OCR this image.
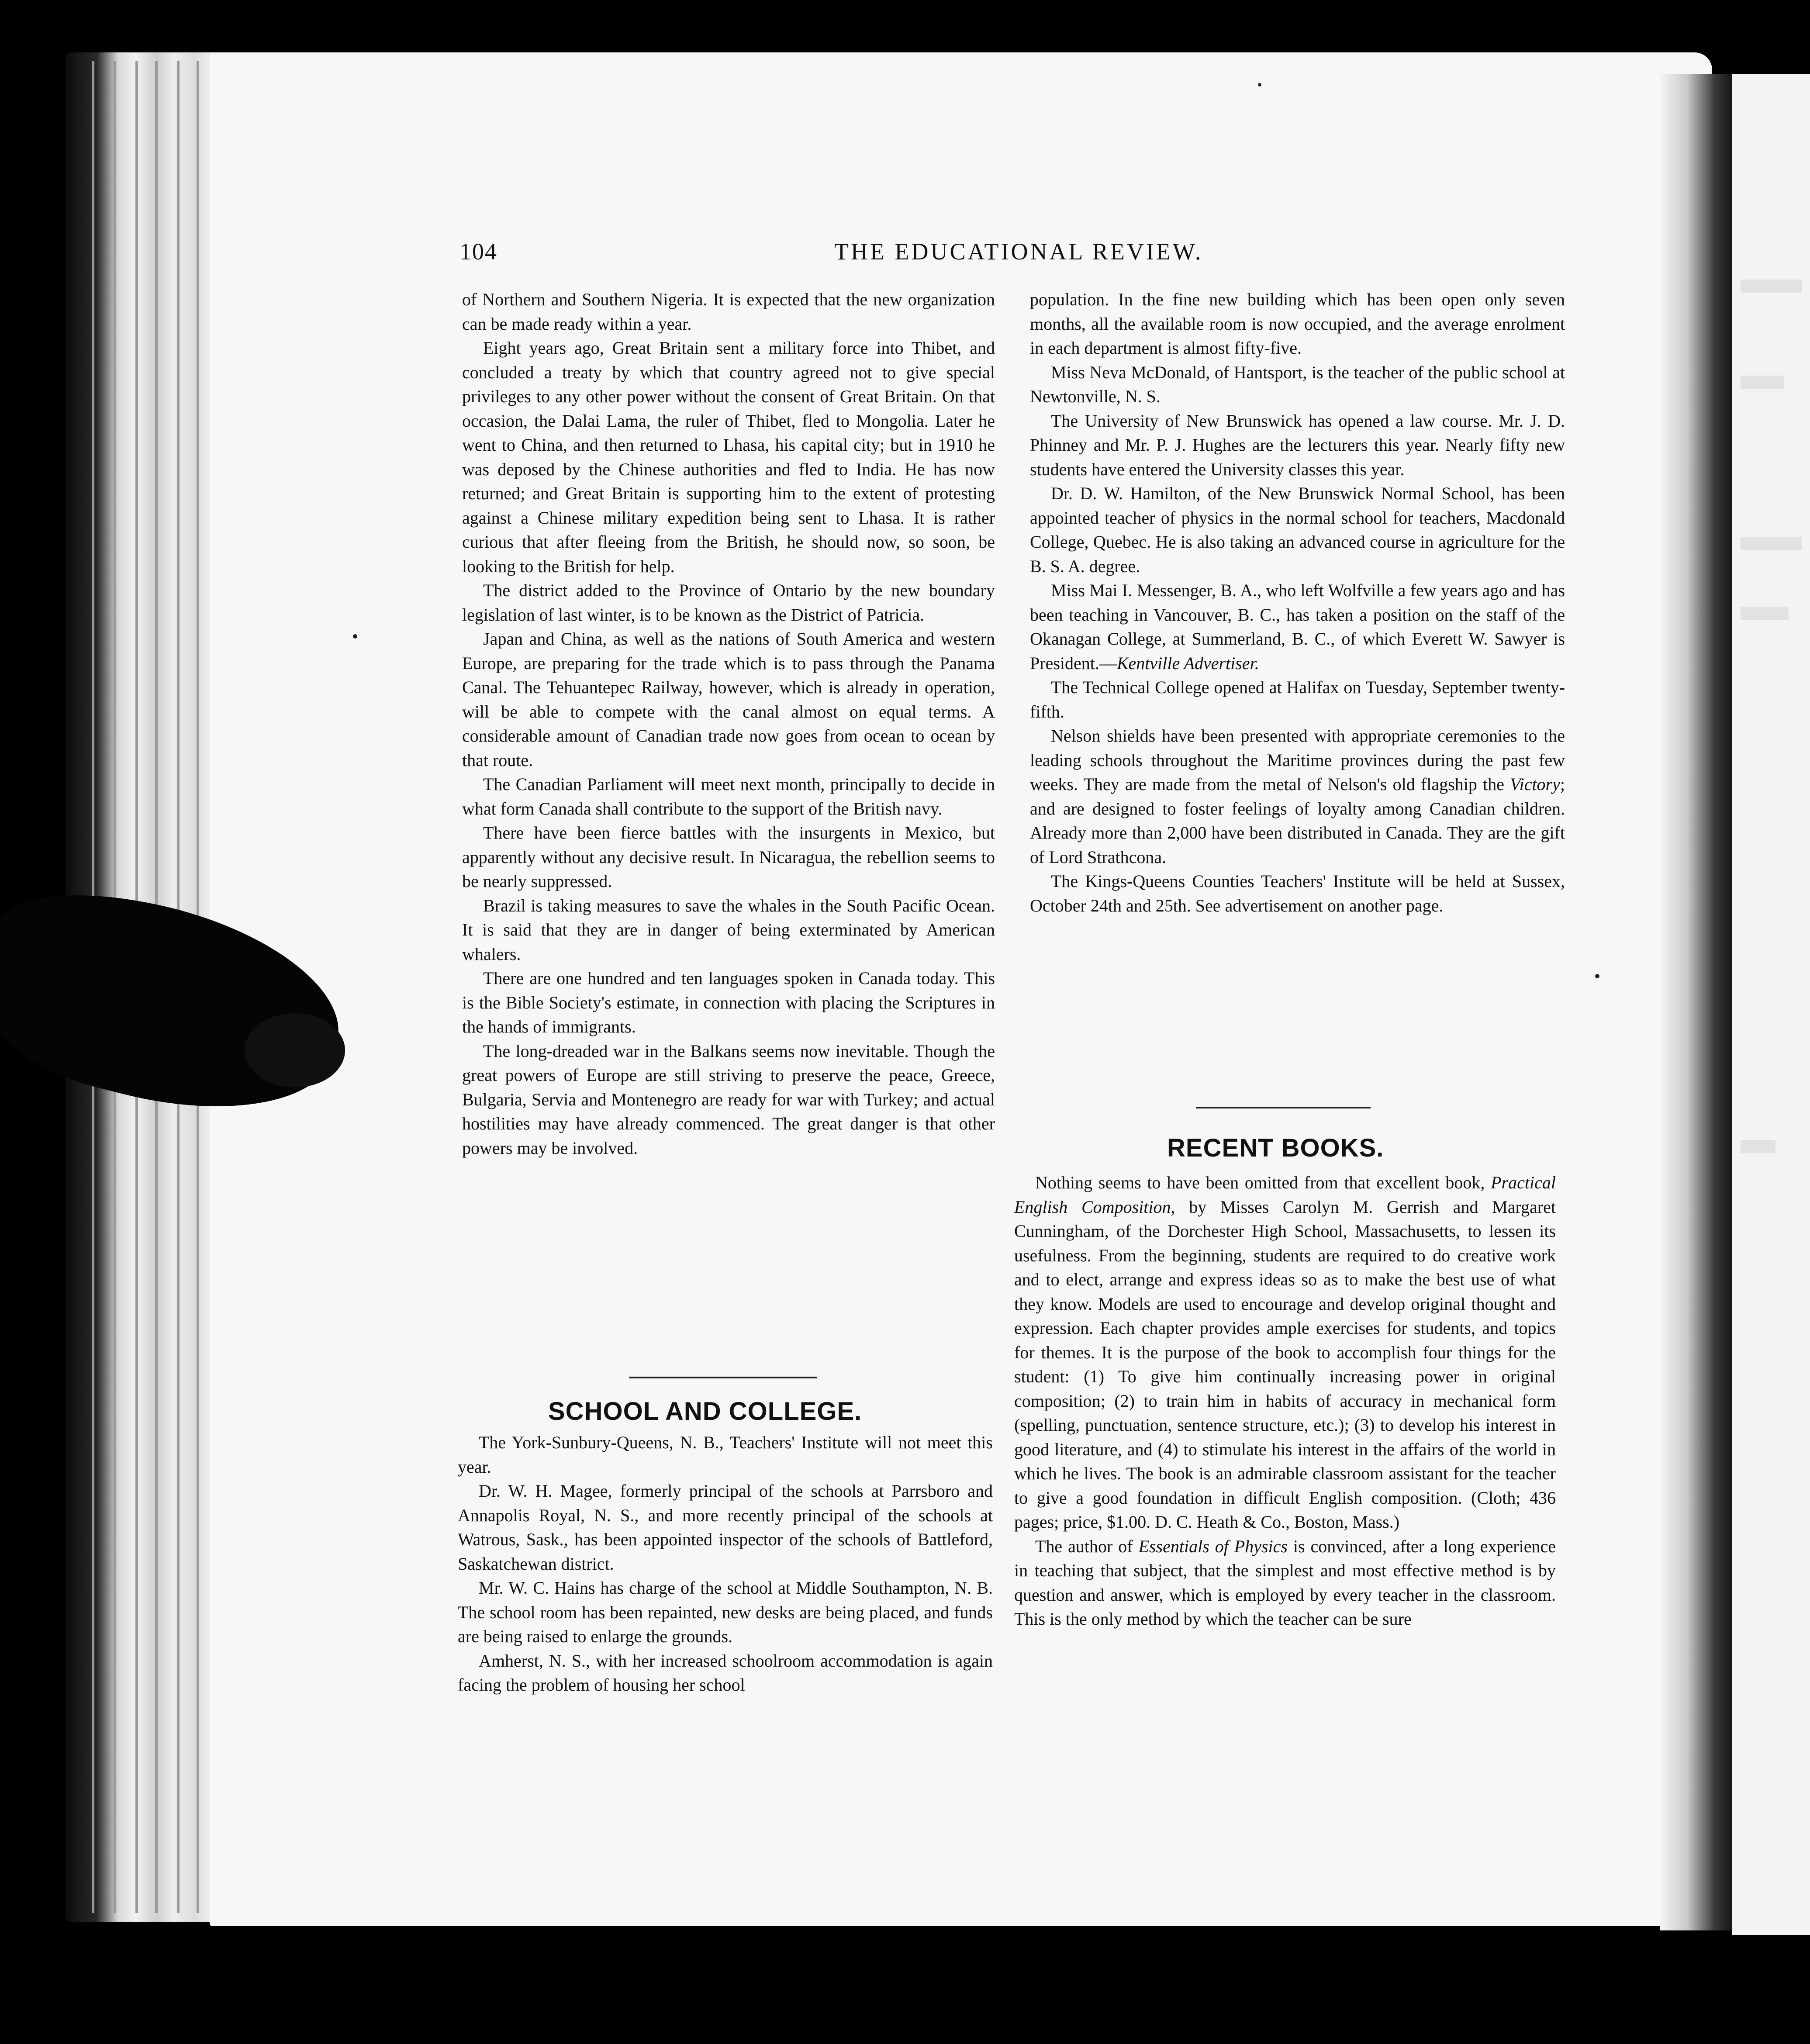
104	THE EDUCATIONAL REVIEW.

of Northern and Southern Nigeria. It is expected that the new organization can be made ready within a year.

Eight years ago, Great Britain sent a military force into Thibet, and concluded a treaty by which that country agreed not to give special privileges to any other power without the consent of Great Britain. On that occasion, the Dalai Lama, the ruler of Thibet, fled to Mongolia. Later he went to China, and then returned to Lhasa, his capital city; but in 1910 he was deposed by the Chinese authorities and fled to India. He has now returned; and Great Britain is supporting him to the extent of protesting against a Chinese military expedition being sent to Lhasa. It is rather curious that after fleeing from the British, he should now, so soon, be looking to the British for help.

The district added to the Province of Ontario by the new boundary legislation of last winter, is to be known as the District of Patricia.

Japan and China, as well as the nations of South America and western Europe, are preparing for the trade which is to pass through the Panama Canal. The Tehuantepec Railway, however, which is already in operation, will be able to compete with the canal almost on equal terms. A considerable amount of Canadian trade now goes from ocean to ocean by that route.

The Canadian Parliament will meet next month, principally to decide in what form Canada shall contribute to the support of the British navy.

There have been fierce battles with the insurgents in Mexico, but apparently without any decisive result. In Nicaragua, the rebellion seems to be nearly suppressed.

Brazil is taking measures to save the whales in the South Pacific Ocean. It is said that they are in danger of being exterminated by American whalers.

There are one hundred and ten languages spoken in Canada today. This is the Bible Society's estimate, in connection with placing the Scriptures in the hands of immigrants.

The long-dreaded war in the Balkans seems now inevitable. Though the great powers of Europe are still striving to preserve the peace, Greece, Bulgaria, Servia and Montenegro are ready for war with Turkey; and actual hostilities may have already commenced. The great danger is that other powers may be involved.

SCHOOL AND COLLEGE.

The York-Sunbury-Queens, N. B., Teachers' Institute will not meet this year.

Dr. W. H. Magee, formerly principal of the schools at Parrsboro and Annapolis Royal, N. S., and more recently principal of the schools at Watrous, Sask., has been appointed inspector of the schools of Battleford, Saskatchewan district.

Mr. W. C. Hains has charge of the school at Middle Southampton, N. B. The school room has been repainted, new desks are being placed, and funds are being raised to enlarge the grounds.

Amherst, N. S., with her increased schoolroom accommodation is again facing the problem of housing her school

population. In the fine new building which has been open only seven months, all the available room is now occupied, and the average enrolment in each department is almost fifty-five.

Miss Neva McDonald, of Hantsport, is the teacher of the public school at Newtonville, N. S.

The University of New Brunswick has opened a law course. Mr. J. D. Phinney and Mr. P. J. Hughes are the lecturers this year. Nearly fifty new students have entered the University classes this year.

Dr. D. W. Hamilton, of the New Brunswick Normal School, has been appointed teacher of physics in the normal school for teachers, Macdonald College, Quebec. He is also taking an advanced course in agriculture for the B. S. A. degree.

Miss Mai I. Messenger, B. A., who left Wolfville a few years ago and has been teaching in Vancouver, B. C., has taken a position on the staff of the Okanagan College, at Summerland, B. C., of which Everett W. Sawyer is President.—Kentville Advertiser.

The Technical College opened at Halifax on Tuesday, September twenty-fifth.

Nelson shields have been presented with appropriate ceremonies to the leading schools throughout the Maritime provinces during the past few weeks. They are made from the metal of Nelson's old flagship the Victory; and are designed to foster feelings of loyalty among Canadian children. Already more than 2,000 have been distributed in Canada. They are the gift of Lord Strathcona.

The Kings-Queens Counties Teachers' Institute will be held at Sussex, October 24th and 25th. See advertisement on another page.

RECENT BOOKS.

Nothing seems to have been omitted from that excellent book, Practical English Composition, by Misses Carolyn M. Gerrish and Margaret Cunningham, of the Dorchester High School, Massachusetts, to lessen its usefulness. From the beginning, students are required to do creative work and to elect, arrange and express ideas so as to make the best use of what they know. Models are used to encourage and develop original thought and expression. Each chapter provides ample exercises for students, and topics for themes. It is the purpose of the book to accomplish four things for the student: (1) To give him continually increasing power in original composition; (2) to train him in habits of accuracy in mechanical form (spelling, punctuation, sentence structure, etc.); (3) to develop his interest in good literature, and (4) to stimulate his interest in the affairs of the world in which he lives. The book is an admirable classroom assistant for the teacher to give a good foundation in difficult English composition. (Cloth; 436 pages; price, $1.00. D. C. Heath & Co., Boston, Mass.)

The author of Essentials of Physics is convinced, after a long experience in teaching that subject, that the simplest and most effective method is by question and answer, which is employed by every teacher in the classroom. This is the only method by which the teacher can be sure
